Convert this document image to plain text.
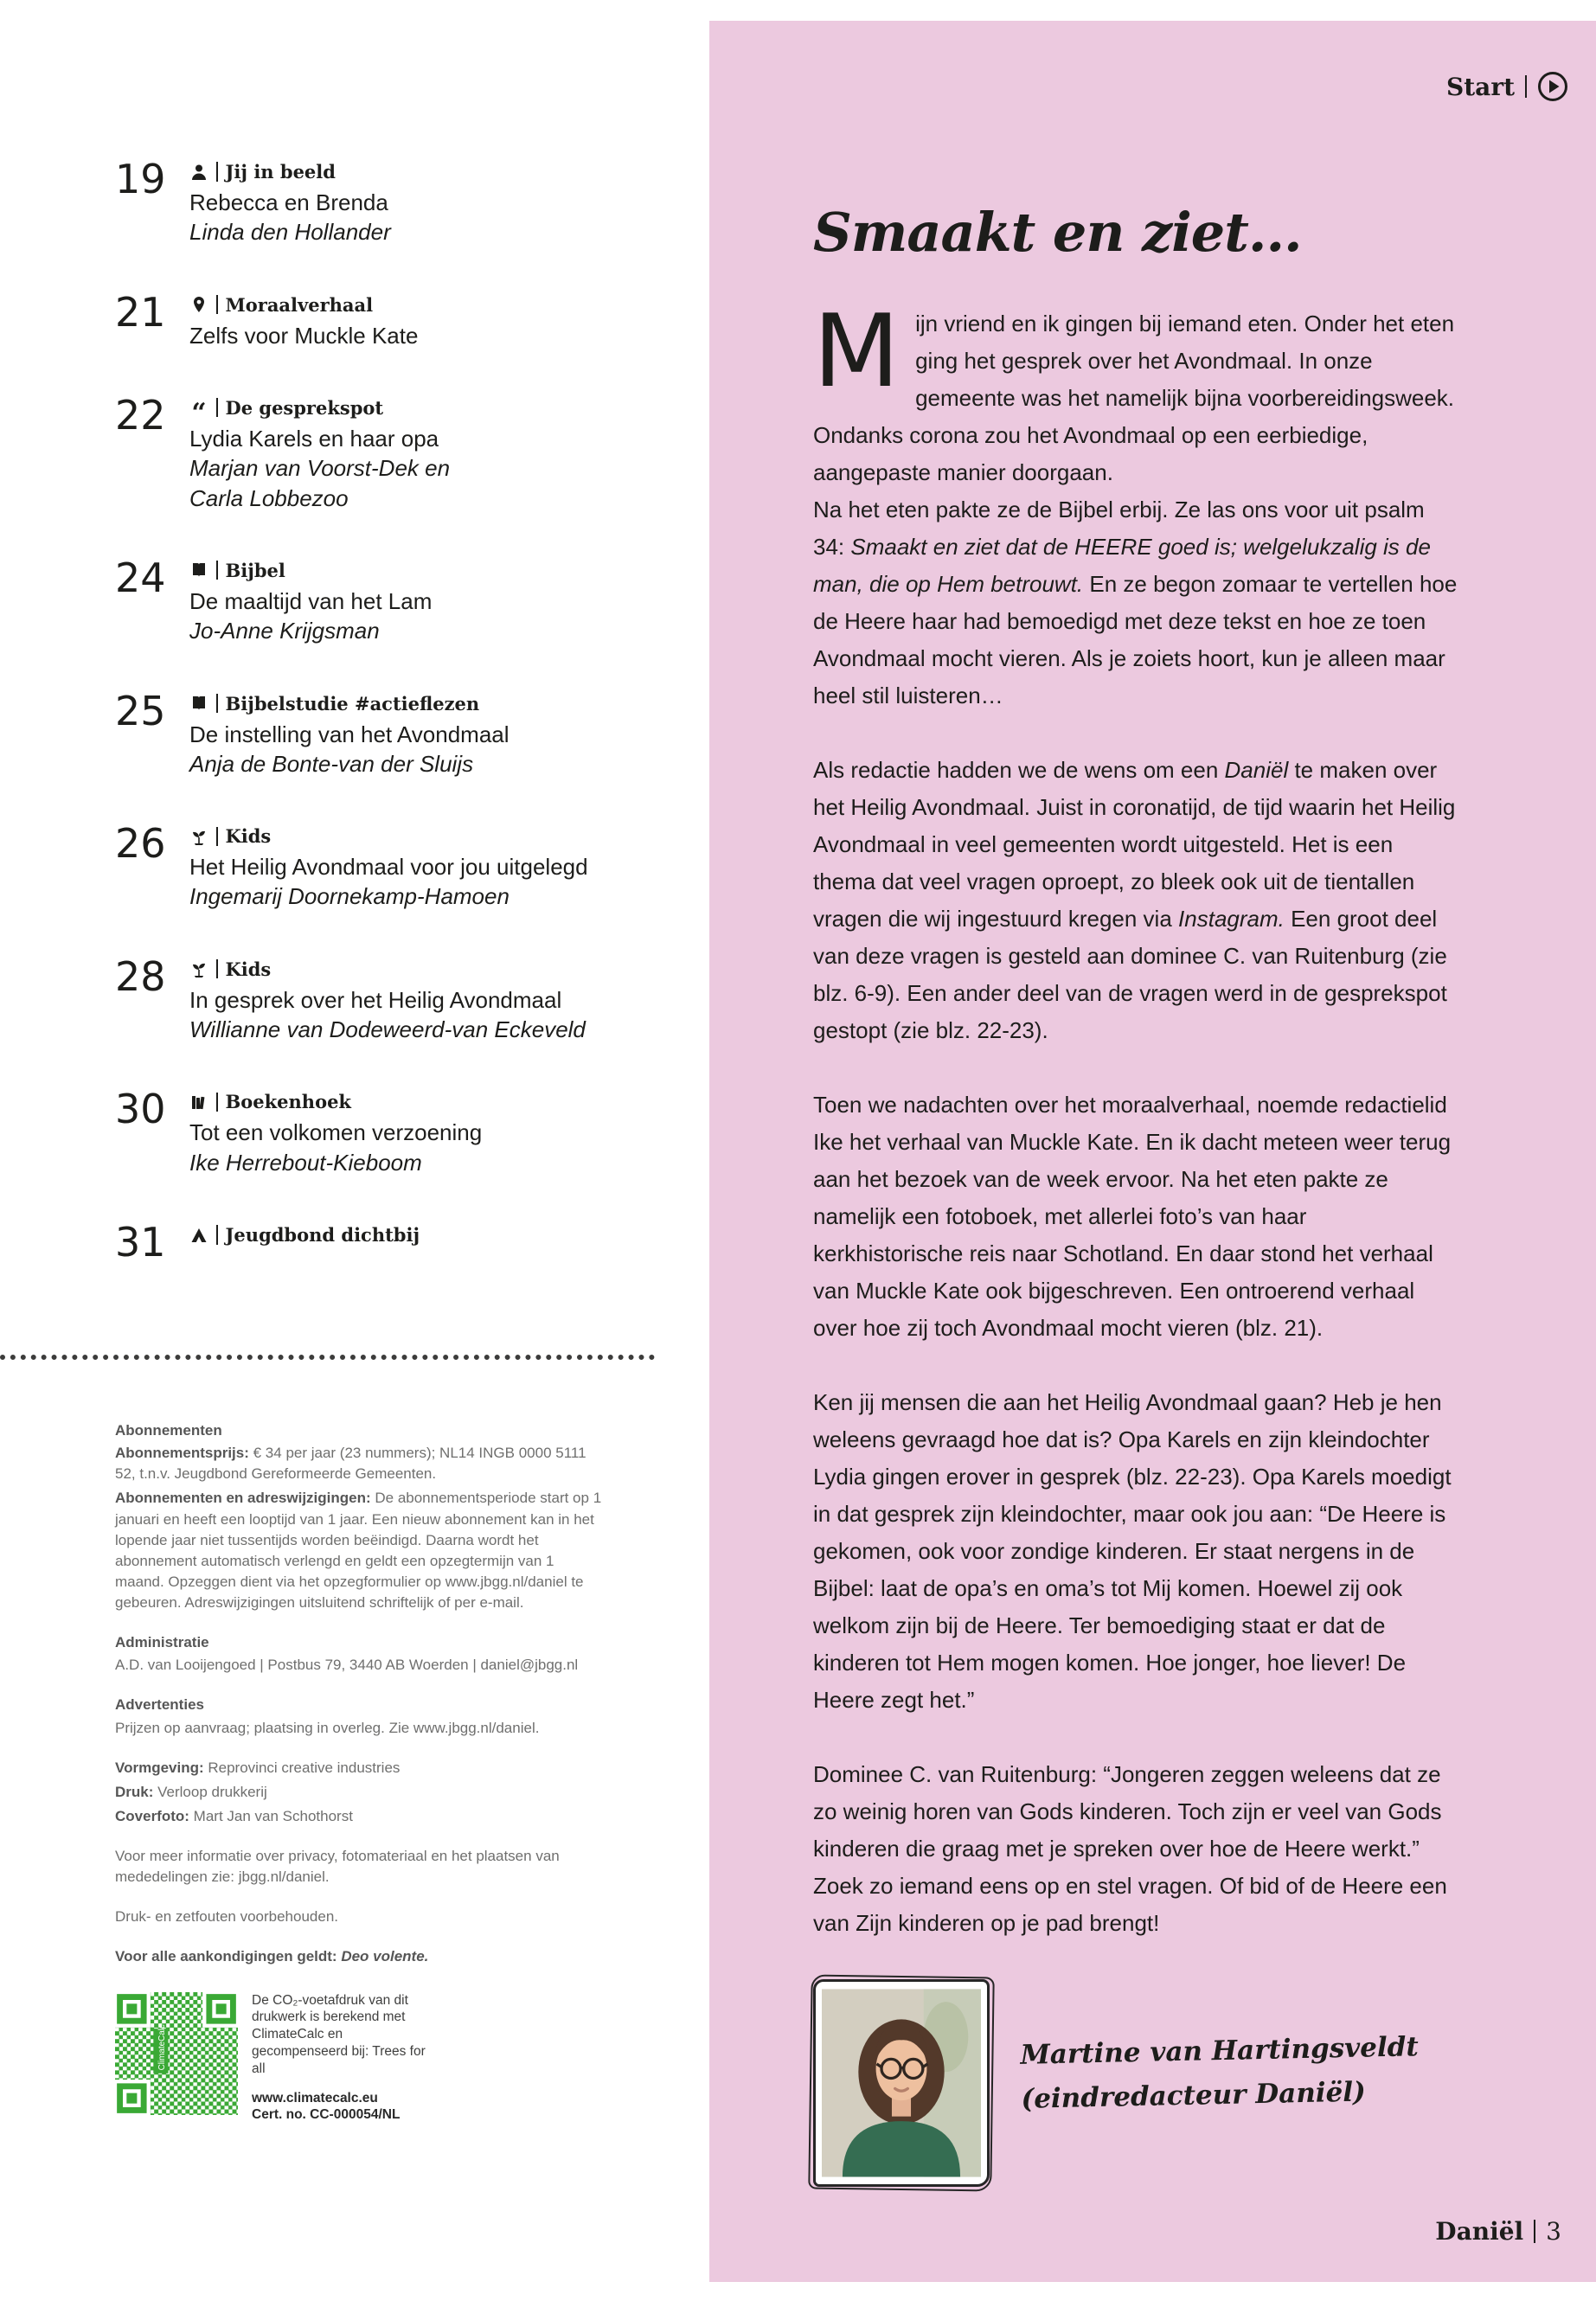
Start
Smaakt en ziet...

Mijn vriend en ik gingen bij iemand eten. Onder het eten ging het gesprek over het Avondmaal. In onze gemeente was het namelijk bijna voorbereidingsweek. Ondanks corona zou het Avondmaal op een eerbiedige, aangepaste manier doorgaan.
Na het eten pakte ze de Bijbel erbij. Ze las ons voor uit psalm 34: Smaakt en ziet dat de HEERE goed is; welgelukzalig is de man, die op Hem betrouwt. En ze begon zomaar te vertellen hoe de Heere haar had bemoedigd met deze tekst en hoe ze toen Avondmaal mocht vieren. Als je zoiets hoort, kun je alleen maar heel stil luisteren…

Als redactie hadden we de wens om een Daniël te maken over het Heilig Avondmaal. Juist in coronatijd, de tijd waarin het Heilig Avondmaal in veel gemeenten wordt uitgesteld. Het is een thema dat veel vragen oproept, zo bleek ook uit de tientallen vragen die wij ingestuurd kregen via Instagram. Een groot deel van deze vragen is gesteld aan dominee C. van Ruitenburg (zie blz. 6-9). Een ander deel van de vragen werd in de gesprekspot gestopt (zie blz. 22-23).

Toen we nadachten over het moraalverhaal, noemde redactielid Ike het verhaal van Muckle Kate. En ik dacht meteen weer terug aan het bezoek van de week ervoor. Na het eten pakte ze namelijk een fotoboek, met allerlei foto’s van haar kerkhistorische reis naar Schotland. En daar stond het verhaal van Muckle Kate ook bijgeschreven. Een ontroerend verhaal over hoe zij toch Avondmaal mocht vieren (blz. 21).

Ken jij mensen die aan het Heilig Avondmaal gaan? Heb je hen weleens gevraagd hoe dat is? Opa Karels en zijn kleindochter Lydia gingen erover in gesprek (blz. 22-23). Opa Karels moedigt in dat gesprek zijn kleindochter, maar ook jou aan: “De Heere is gekomen, ook voor zondige kinderen. Er staat nergens in de Bijbel: laat de opa’s en oma’s tot Mij komen. Hoewel zij ook welkom zijn bij de Heere. Ter bemoediging staat er dat de kinderen tot Hem mogen komen. Hoe jonger, hoe liever! De Heere zegt het.”

Dominee C. van Ruitenburg: “Jongeren zeggen weleens dat ze zo weinig horen van Gods kinderen. Toch zijn er veel van Gods kinderen die graag met je spreken over hoe de Heere werkt.” Zoek zo iemand eens op en stel vragen. Of bid of de Heere een van Zijn kinderen op je pad brengt!

Martine van Hartingsveldt
(eindredacteur Daniël)
Daniël 3
19	Jij in beeld
Rebecca en Brenda
Linda den Hollander
21	Moraalverhaal
Zelfs voor Muckle Kate
22 “ De gesprekspot
Lydia Karels en haar opa
Marjan van Voorst-Dek en
Carla Lobbezoo
24	Bijbel
De maaltijd van het Lam
Jo-Anne Krijgsman
25	Bijbelstudie #actieflezen
De instelling van het Avondmaal
Anja de Bonte-van der Sluijs
26	Kids
Het Heilig Avondmaal voor jou uitgelegd
Ingemarij Doornekamp-Hamoen
28	Kids
In gesprek over het Heilig Avondmaal
Willianne van Dodeweerd-van Eckeveld
30	Boekenhoek
Tot een volkomen verzoening
Ike Herrebout-Kieboom
31	Jeugdbond dichtbij
Abonnementen

Abonnementsprijs: € 34 per jaar (23 nummers); NL14 INGB 0000 5111 52, t.n.v. Jeugdbond Gereformeerde Gemeenten.

Abonnementen en adreswijzigingen: De abonnementsperiode start op 1 januari en heeft een looptijd van 1 jaar. Een nieuw abonnement kan in het lopende jaar niet tussentijds worden beëindigd. Daarna wordt het abonnement automatisch verlengd en geldt een opzegtermijn van 1 maand. Opzeggen dient via het opzegformulier op www.jbgg.nl/daniel te gebeuren. Adreswijzigingen uitsluitend schriftelijk of per e-mail.

Administratie

A.D. van Looijengoed | Postbus 79, 3440 AB Woerden | daniel@jbgg.nl

Advertenties

Prijzen op aanvraag; plaatsing in overleg. Zie www.jbgg.nl/daniel.

Vormgeving: Reprovinci creative industries

Druk: Verloop drukkerij

Coverfoto: Mart Jan van Schothorst

Voor meer informatie over privacy, fotomateriaal en het plaatsen van mededelingen zie: jbgg.nl/daniel.

Druk- en zetfouten voorbehouden.

Voor alle aankondigingen geldt: Deo volente.

ClimateCalc
De CO₂-voetafdruk van dit drukwerk is berekend met ClimateCalc en gecompenseerd bij: Trees for all
www.climatecalc.eu
Cert. no. CC-000054/NL
